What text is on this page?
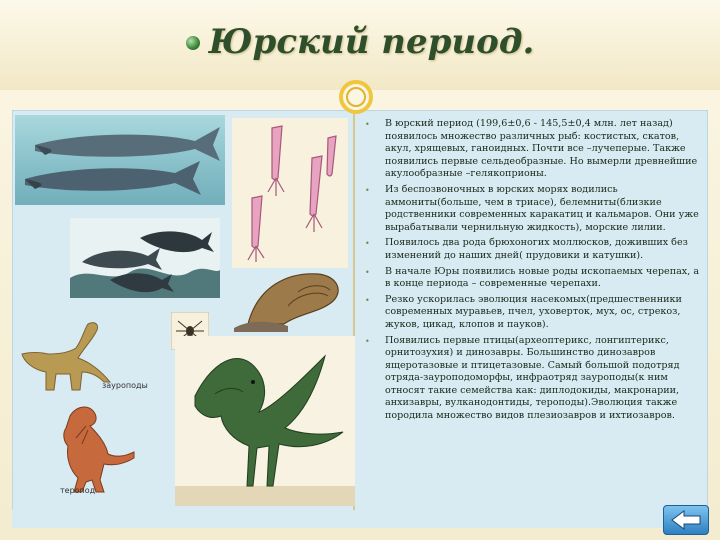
Юрский период.
зауроподы
теропод
• В юрский период (199,6±0,6 - 145,5±0,4 млн. лет назад) появилось множество различных рыб: костистых, скатов, акул, хрящевых, ганоидных. Почти все –лучеперые. Также появились первые сельдеобразные. Но вымерли древнейшие акулообразные –гелякоприоны.
• Из беспозвоночных в юрских морях водились аммониты(больше, чем в триасе), белемниты(близкие родственники современных каракатиц и кальмаров. Они уже вырабатывали чернильную жидкость), морские лилии.
• Появилось два рода брюхоногих моллюсков, доживших без изменений до наших дней( прудовики и катушки).
• В начале Юры появились новые роды ископаемых черепах, а в конце периода – современные черепахи.
• Резко ускорилась эволюция насекомых(предшественники современных муравьев, пчел, уховерток, мух, ос, стрекоз, жуков, цикад, клопов и пауков).
• Появились первые птицы(археоптерикс, лонгиптерикс, орнитозухия) и динозавры. Большинство динозавров ящеротазовые и птицетазовые. Самый большой подотряд отряда-зауроподоморфы, инфраотряд зауроподы(к ним относят такие семейства как: диплодокиды, макронарии, анхизавры, вулканодонтиды, тероподы).Эволюция также породила множество видов плезиозавров и ихтиозавров.
